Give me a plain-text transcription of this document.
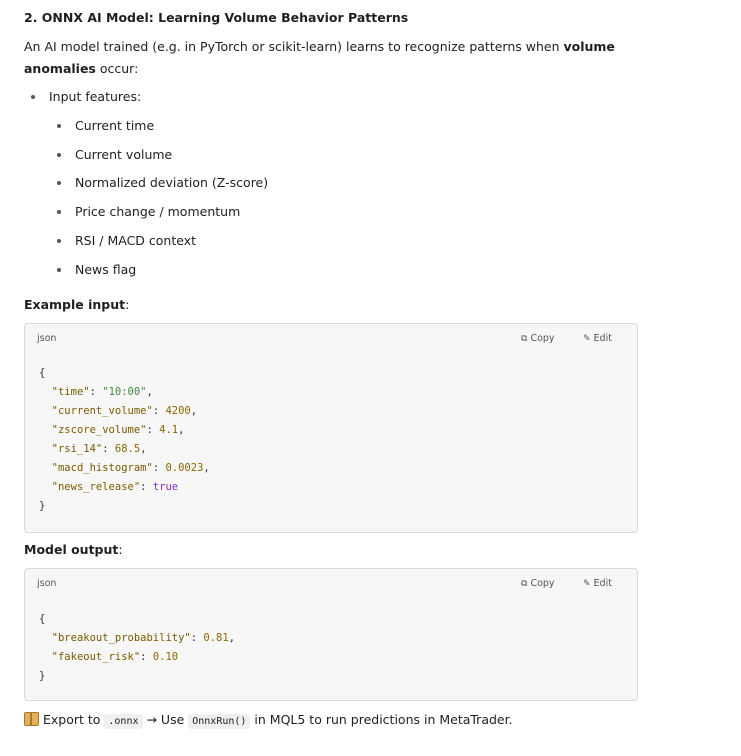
2. ONNX AI Model: Learning Volume Behavior Patterns
An AI model trained (e.g. in PyTorch or scikit-learn) learns to recognize patterns when volume anomalies occur:
Input features:
Current time
Current volume
Normalized deviation (Z-score)
Price change / momentum
RSI / MACD context
News flag
Example input:
json	⧉ Copy	✎ Edit
{
"time": "10:00",
"current_volume": 4200,
"zscore_volume": 4.1,
"rsi_14": 68.5,
"macd_histogram": 0.0023,
"news_release": true
}
Model output:
json	⧉ Copy	✎ Edit
{
"breakout_probability": 0.81,
"fakeout_risk": 0.10
}
Export to .onnx → Use OnnxRun() in MQL5 to run predictions in MetaTrader.
